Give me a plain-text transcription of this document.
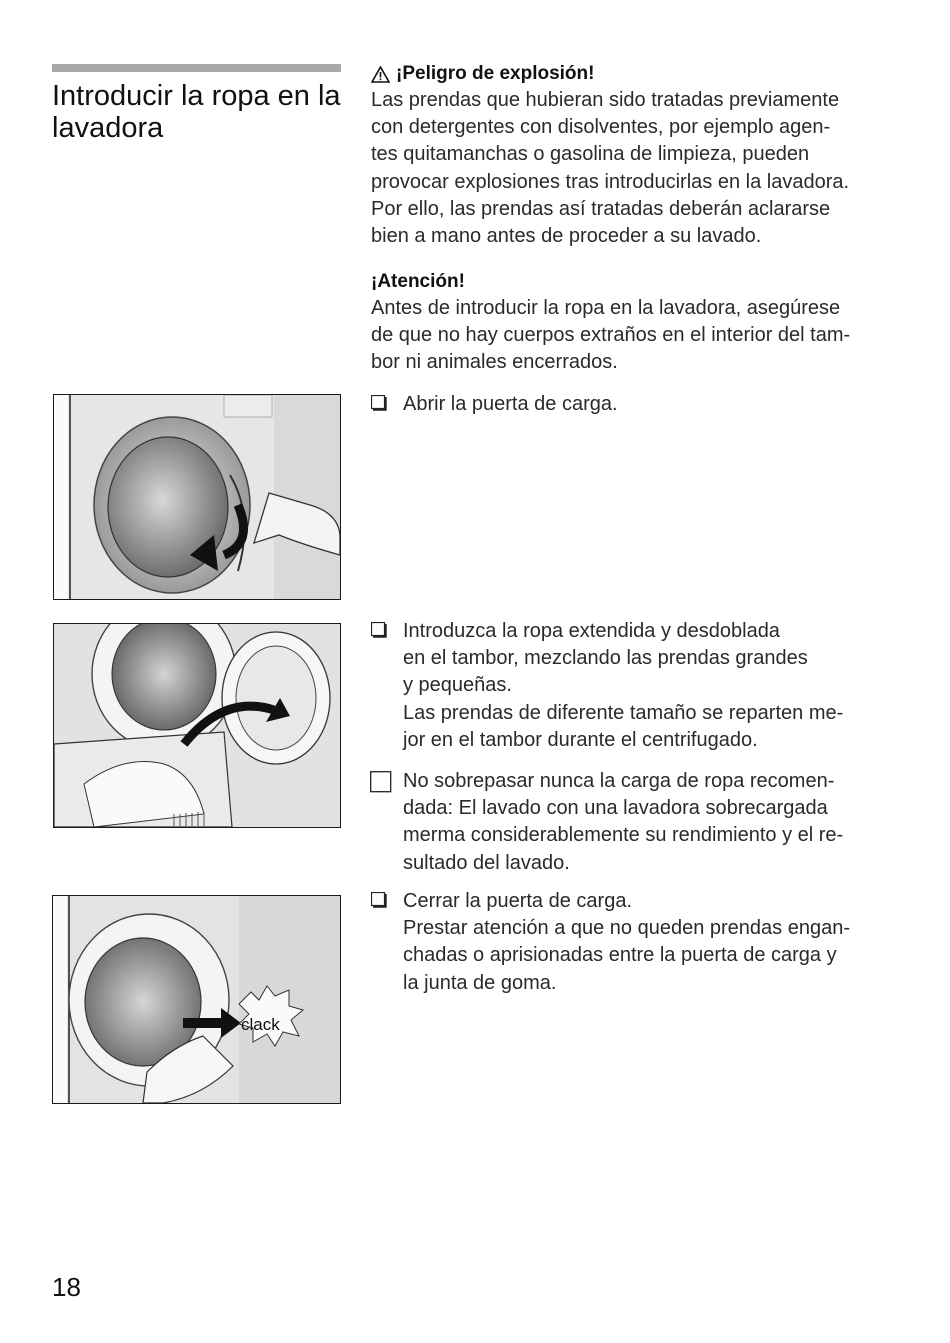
Introducir la ropa en la lavadora
¡Peligro de explosión!

Las prendas que hubieran sido tratadas previamente
con detergentes con disolventes, por ejemplo agen-
tes quitamanchas o gasolina de limpieza, pueden
provocar explosiones tras introducirlas en la lavadora.
Por ello, las prendas así tratadas deberán aclararse
bien a mano antes de proceder a su lavado.

¡Atención!

Antes de introducir la ropa en la lavadora, asegúrese
de que no hay cuerpos extraños en el interior del tam-
bor ni animales encerrados.

Abrir la puerta de carga.
Introduzca la ropa extendida y desdoblada
en el tambor, mezclando las prendas grandes
y pequeñas.
Las prendas de diferente tamaño se reparten me-
jor en el tambor durante el centrifugado.
No sobrepasar nunca la carga de ropa recomen-
dada: El lavado con una lavadora sobrecargada
merma considerablemente su rendimiento y el re-
sultado del lavado.
Cerrar la puerta de carga.
Prestar atención a que no queden prendas engan-
chadas o aprisionadas entre la puerta de carga y
la junta de goma.
clack
18
